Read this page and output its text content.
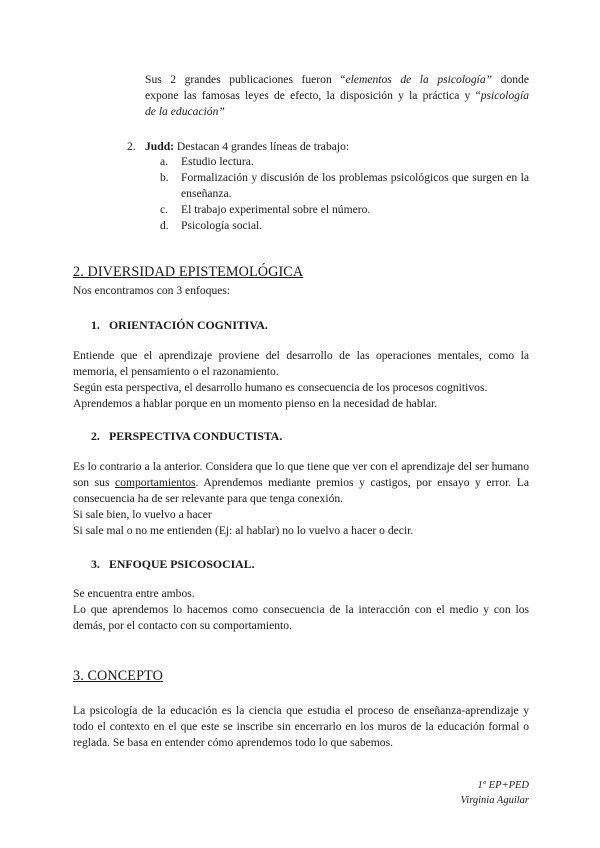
Sus 2 grandes publicaciones fueron “elementos de la psicología” donde

expone las famosas leyes de efecto, la disposición y la práctica y “psicología

de la educación”

2. Judd: Destacan 4 grandes líneas de trabajo:

a. Estudio lectura.
b. Formalización y discusión de los problemas psicológicos que surgen en la enseñanza.
c. El trabajo experimental sobre el número.
d. Psicología social.
2. DIVERSIDAD EPISTEMOLÓGICA
Nos encontramos con 3 enfoques:
1. ORIENTACIÓN COGNITIVA.

Entiende que el aprendizaje proviene del desarrollo de las operaciones mentales, como la memoria, el pensamiento o el razonamiento.

Según esta perspectiva, el desarrollo humano es consecuencia de los procesos cognitivos.

Aprendemos a hablar porque en un momento pienso en la necesidad de hablar.

2. PERSPECTIVA CONDUCTISTA.

Es lo contrario a la anterior. Considera que lo que tiene que ver con el aprendizaje del ser humano son sus comportamientos. Aprendemos mediante premios y castigos, por ensayo y error. La consecuencia ha de ser relevante para que tenga conexión.

Si sale bien, lo vuelvo a hacer

Si sale mal o no me entienden (Ej: al hablar) no lo vuelvo a hacer o decir.

3. ENFOQUE PSICOSOCIAL.

Se encuentra entre ambos.

Lo que aprendemos lo hacemos como consecuencia de la interacción con el medio y con los demás, por el contacto con su comportamiento.

3. CONCEPTO

La psicología de la educación es la ciencia que estudia el proceso de enseñanza-aprendizaje y todo el contexto en el que este se inscribe sin encerrarlo en los muros de la educación formal o reglada. Se basa en entender cómo aprendemos todo lo que sabemos.

1º EP+PED

Virginia Aguilar
